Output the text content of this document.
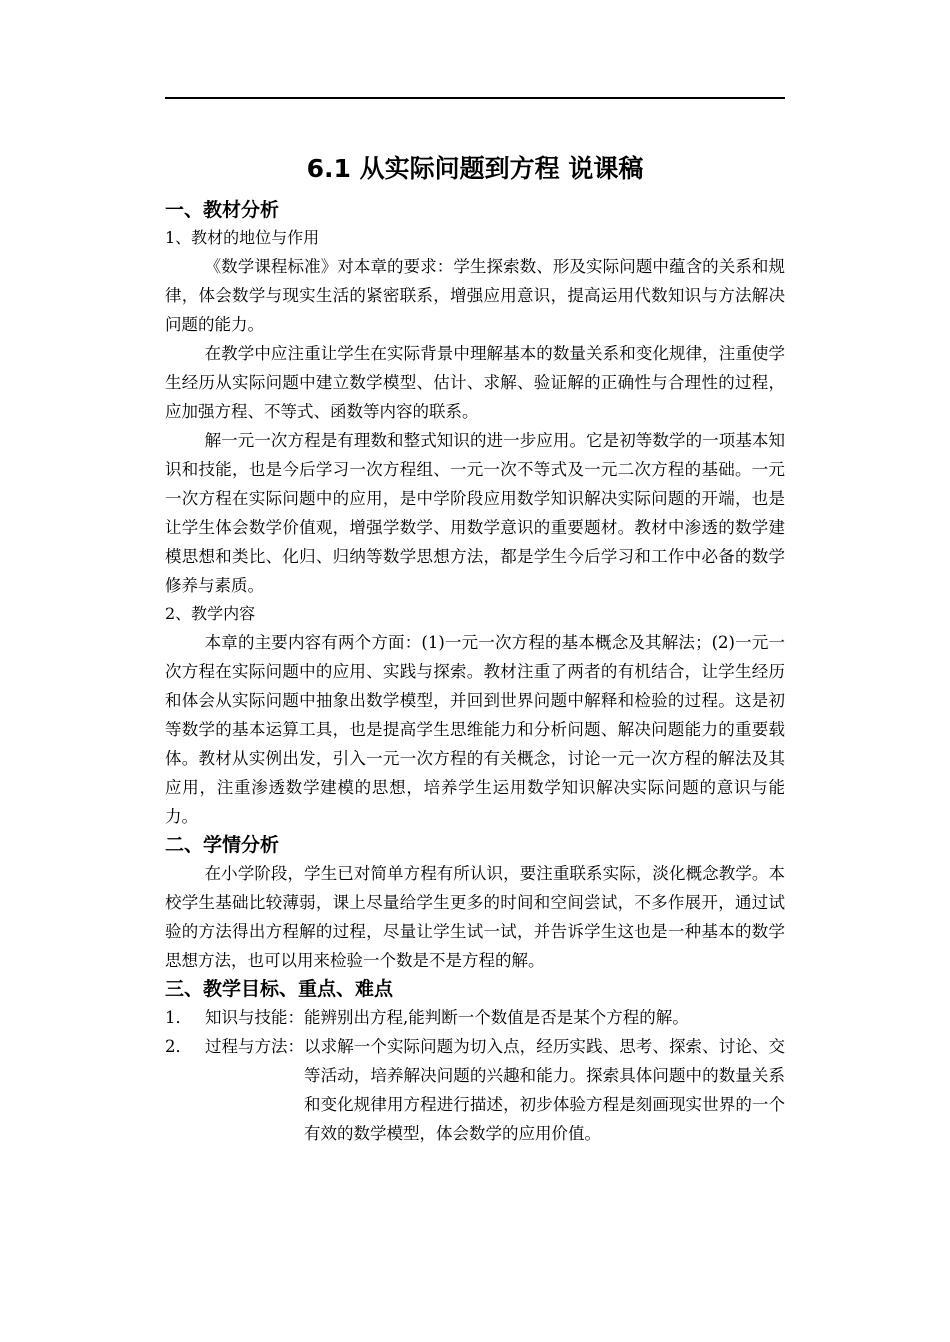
6.1 从实际问题到方程 说课稿
一、教材分析
1、教材的地位与作用

《数学课程标准》对本章的要求：学生探索数、形及实际问题中蕴含的关系和规律，体会数学与现实生活的紧密联系，增强应用意识，提高运用代数知识与方法解决问题的能力。

在教学中应注重让学生在实际背景中理解基本的数量关系和变化规律，注重使学生经历从实际问题中建立数学模型、估计、求解、验证解的正确性与合理性的过程，应加强方程、不等式、函数等内容的联系。

解一元一次方程是有理数和整式知识的进一步应用。它是初等数学的一项基本知识和技能，也是今后学习一次方程组、一元一次不等式及一元二次方程的基础。一元一次方程在实际问题中的应用，是中学阶段应用数学知识解决实际问题的开端，也是让学生体会数学价值观，增强学数学、用数学意识的重要题材。教材中渗透的数学建模思想和类比、化归、归纳等数学思想方法，都是学生今后学习和工作中必备的数学修养与素质。

2、教学内容

本章的主要内容有两个方面：(1)一元一次方程的基本概念及其解法；(2)一元一次方程在实际问题中的应用、实践与探索。教材注重了两者的有机结合，让学生经历和体会从实际问题中抽象出数学模型，并回到世界问题中解释和检验的过程。这是初等数学的基本运算工具，也是提高学生思维能力和分析问题、解决问题能力的重要载体。教材从实例出发，引入一元一次方程的有关概念，讨论一元一次方程的解法及其应用，注重渗透数学建模的思想，培养学生运用数学知识解决实际问题的意识与能力。

二、学情分析

在小学阶段，学生已对简单方程有所认识，要注重联系实际，淡化概念教学。本校学生基础比较薄弱，课上尽量给学生更多的时间和空间尝试，不多作展开，通过试验的方法得出方程解的过程，尽量让学生试一试，并告诉学生这也是一种基本的数学思想方法，也可以用来检验一个数是不是方程的解。

三、教学目标、重点、难点
1． 知识与技能： 能辨别出方程,能判断一个数值是否是某个方程的解。
2． 过程与方法： 以求解一个实际问题为切入点，经历实践、思考、探索、讨论、交等活动，培养解决问题的兴趣和能力。探索具体问题中的数量关系和变化规律用方程进行描述，初步体验方程是刻画现实世界的一个有效的数学模型，体会数学的应用价值。
